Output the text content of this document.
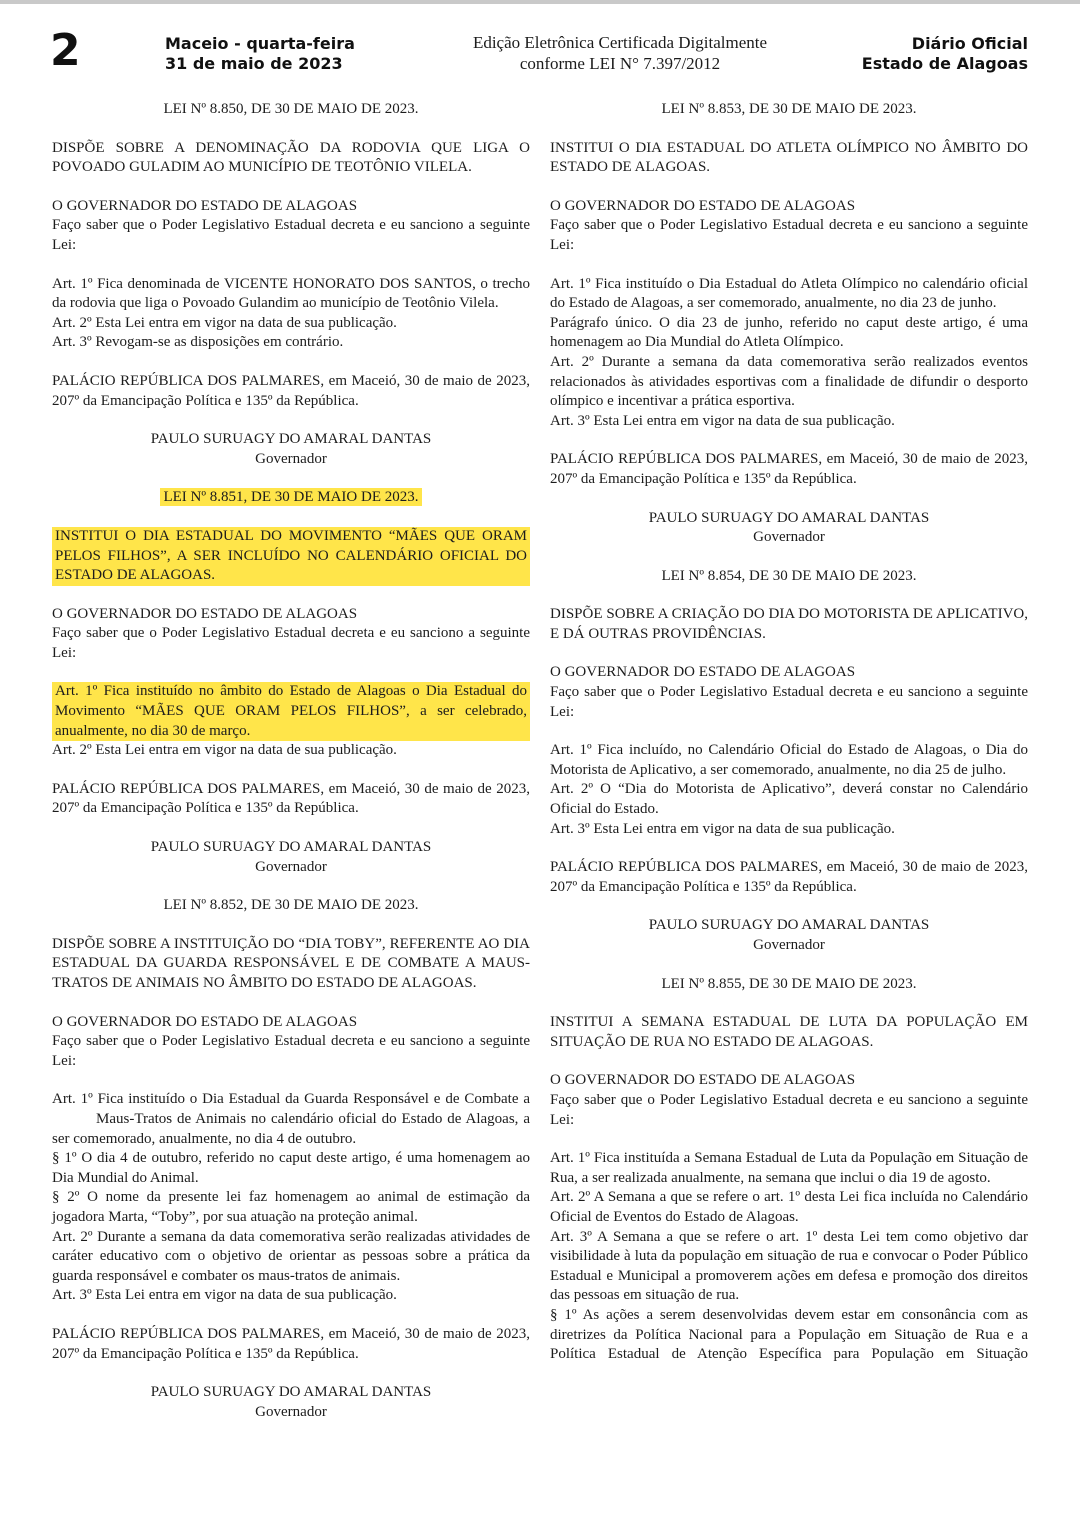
2	Maceio - quarta-feira
31 de maio de 2023
Edição Eletrônica Certificada Digitalmente
conforme LEI N° 7.397/2012
Diário Oficial
Estado de Alagoas

LEI Nº 8.850, DE 30 DE MAIO DE 2023.

DISPÕE SOBRE A DENOMINAÇÃO DA RODOVIA QUE LIGA O POVOADO GULADIM AO MUNICÍPIO DE TEOTÔNIO VILELA.

O GOVERNADOR DO ESTADO DE ALAGOAS

Faço saber que o Poder Legislativo Estadual decreta e eu sanciono a seguinte Lei:

Art. 1º Fica denominada de VICENTE HONORATO DOS SANTOS, o trecho da rodovia que liga o Povoado Gulandim ao município de Teotônio Vilela.

Art. 2º Esta Lei entra em vigor na data de sua publicação.

Art. 3º Revogam-se as disposições em contrário.

PALÁCIO REPÚBLICA DOS PALMARES, em Maceió, 30 de maio de 2023, 207º da Emancipação Política e 135º da República.

PAULO SURUAGY DO AMARAL DANTAS

Governador

LEI Nº 8.851, DE 30 DE MAIO DE 2023.

INSTITUI O DIA ESTADUAL DO MOVIMENTO “MÃES QUE ORAM PELOS FILHOS”, A SER INCLUÍDO NO CALENDÁRIO OFICIAL DO ESTADO DE ALAGOAS.

O GOVERNADOR DO ESTADO DE ALAGOAS

Faço saber que o Poder Legislativo Estadual decreta e eu sanciono a seguinte Lei:

Art. 1º Fica instituído no âmbito do Estado de Alagoas o Dia Estadual do Movimento “MÃES QUE ORAM PELOS FILHOS”, a ser celebrado, anualmente, no dia 30 de março.

Art. 2º Esta Lei entra em vigor na data de sua publicação.

PALÁCIO REPÚBLICA DOS PALMARES, em Maceió, 30 de maio de 2023, 207º da Emancipação Política e 135º da República.

PAULO SURUAGY DO AMARAL DANTAS

Governador

LEI Nº 8.852, DE 30 DE MAIO DE 2023.

DISPÕE SOBRE A INSTITUIÇÃO DO “DIA TOBY”, REFERENTE AO DIA ESTADUAL DA GUARDA RESPONSÁVEL E DE COMBATE A MAUS-TRATOS DE ANIMAIS NO ÂMBITO DO ESTADO DE ALAGOAS.

O GOVERNADOR DO ESTADO DE ALAGOAS

Faço saber que o Poder Legislativo Estadual decreta e eu sanciono a seguinte Lei:

Art. 1º Fica instituído o Dia Estadual da Guarda Responsável e de Combate aMaus-Tratos de Animais no calendário oficial do Estado de Alagoas, a ser comemorado, anualmente, no dia 4 de outubro.

§ 1º O dia 4 de outubro, referido no caput deste artigo, é uma homenagem ao Dia Mundial do Animal.

§ 2º O nome da presente lei faz homenagem ao animal de estimação da jogadora Marta, “Toby”, por sua atuação na proteção animal.

Art. 2º Durante a semana da data comemorativa serão realizadas atividades de caráter educativo com o objetivo de orientar as pessoas sobre a prática da guarda responsável e combater os maus-tratos de animais.

Art. 3º Esta Lei entra em vigor na data de sua publicação.

PALÁCIO REPÚBLICA DOS PALMARES, em Maceió, 30 de maio de 2023, 207º da Emancipação Política e 135º da República.

PAULO SURUAGY DO AMARAL DANTAS

Governador

LEI Nº 8.853, DE 30 DE MAIO DE 2023.

INSTITUI O DIA ESTADUAL DO ATLETA OLÍMPICO NO ÂMBITO DO ESTADO DE ALAGOAS.

O GOVERNADOR DO ESTADO DE ALAGOAS

Faço saber que o Poder Legislativo Estadual decreta e eu sanciono a seguinte Lei:

Art. 1º Fica instituído o Dia Estadual do Atleta Olímpico no calendário oficial do Estado de Alagoas, a ser comemorado, anualmente, no dia 23 de junho.

Parágrafo único. O dia 23 de junho, referido no caput deste artigo, é uma homenagem ao Dia Mundial do Atleta Olímpico.

Art. 2º Durante a semana da data comemorativa serão realizados eventos relacionados às atividades esportivas com a finalidade de difundir o desporto olímpico e incentivar a prática esportiva.

Art. 3º Esta Lei entra em vigor na data de sua publicação.

PALÁCIO REPÚBLICA DOS PALMARES, em Maceió, 30 de maio de 2023, 207º da Emancipação Política e 135º da República.

PAULO SURUAGY DO AMARAL DANTAS

Governador

LEI Nº 8.854, DE 30 DE MAIO DE 2023.

DISPÕE SOBRE A CRIAÇÃO DO DIA DO MOTORISTA DE APLICATIVO, E DÁ OUTRAS PROVIDÊNCIAS.

O GOVERNADOR DO ESTADO DE ALAGOAS

Faço saber que o Poder Legislativo Estadual decreta e eu sanciono a seguinte Lei:

Art. 1º Fica incluído, no Calendário Oficial do Estado de Alagoas, o Dia do Motorista de Aplicativo, a ser comemorado, anualmente, no dia 25 de julho.

Art. 2º O “Dia do Motorista de Aplicativo”, deverá constar no Calendário Oficial do Estado.

Art. 3º Esta Lei entra em vigor na data de sua publicação.

PALÁCIO REPÚBLICA DOS PALMARES, em Maceió, 30 de maio de 2023, 207º da Emancipação Política e 135º da República.

PAULO SURUAGY DO AMARAL DANTAS

Governador

LEI Nº 8.855, DE 30 DE MAIO DE 2023.

INSTITUI A SEMANA ESTADUAL DE LUTA DA POPULAÇÃO EM SITUAÇÃO DE RUA NO ESTADO DE ALAGOAS.

O GOVERNADOR DO ESTADO DE ALAGOAS

Faço saber que o Poder Legislativo Estadual decreta e eu sanciono a seguinte Lei:

Art. 1º Fica instituída a Semana Estadual de Luta da População em Situação de Rua, a ser realizada anualmente, na semana que inclui o dia 19 de agosto.

Art. 2º A Semana a que se refere o art. 1º desta Lei fica incluída no Calendário Oficial de Eventos do Estado de Alagoas.

Art. 3º A Semana a que se refere o art. 1º desta Lei tem como objetivo dar visibilidade à luta da população em situação de rua e convocar o Poder Público Estadual e Municipal a promoverem ações em defesa e promoção dos direitos das pessoas em situação de rua.

§ 1º As ações a serem desenvolvidas devem estar em consonância com as diretrizes da Política Nacional para a População em Situação de Rua e a Política Estadual de Atenção Específica para População em Situação
